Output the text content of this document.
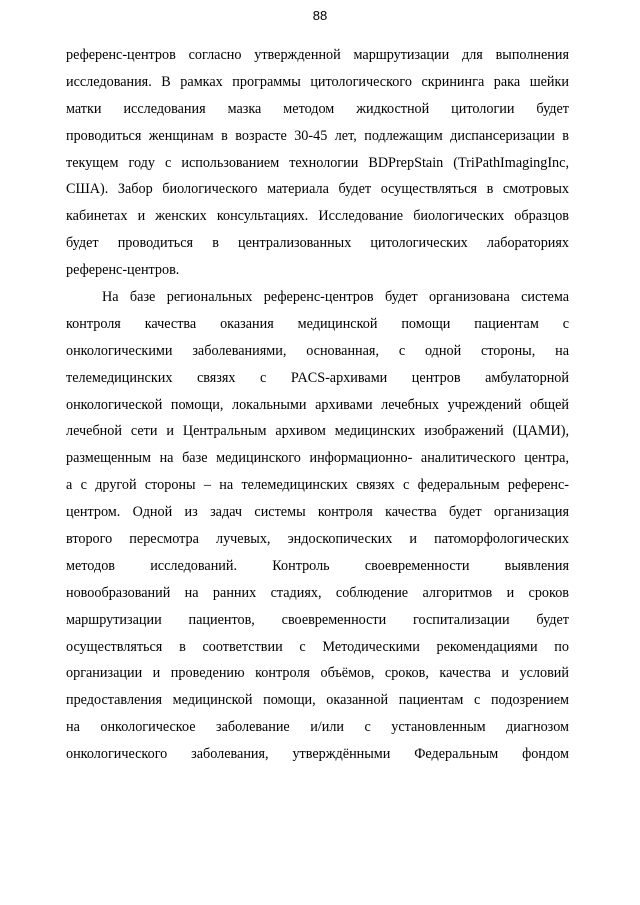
88
референс-центров согласно утвержденной маршрутизации для выполнения
исследования. В рамках программы цитологического скрининга рака шейки
матки исследования мазка методом жидкостной цитологии будет
проводиться женщинам в возрасте 30-45 лет, подлежащим диспансеризации в
текущем году с использованием технологии BDPrepStain (TriPathImagingInc,
США). Забор биологического материала будет осуществляться в смотровых
кабинетах и женских консультациях. Исследование биологических образцов
будет проводиться в централизованных цитологических лабораториях
референс-центров.
На базе региональных референс-центров будет организована система
контроля качества оказания медицинской помощи пациентам с
онкологическими заболеваниями, основанная, с одной стороны, на
телемедицинских связях с PACS-архивами центров амбулаторной
онкологической помощи, локальными архивами лечебных учреждений общей
лечебной сети и Центральным архивом медицинских изображений (ЦАМИ),
размещенным на базе медицинского информационно- аналитического центра,
а с другой стороны – на телемедицинских связях с федеральным референс-
центром. Одной из задач системы контроля качества будет организация
второго пересмотра лучевых, эндоскопических и патоморфологических
методов исследований. Контроль своевременности выявления
новообразований на ранних стадиях, соблюдение алгоритмов и сроков
маршрутизации пациентов, своевременности госпитализации будет
осуществляться в соответствии с Методическими рекомендациями по
организации и проведению контроля объёмов, сроков, качества и условий
предоставления медицинской помощи, оказанной пациентам с подозрением
на онкологическое заболевание и/или с установленным диагнозом
онкологического заболевания, утверждёнными Федеральным фондом
